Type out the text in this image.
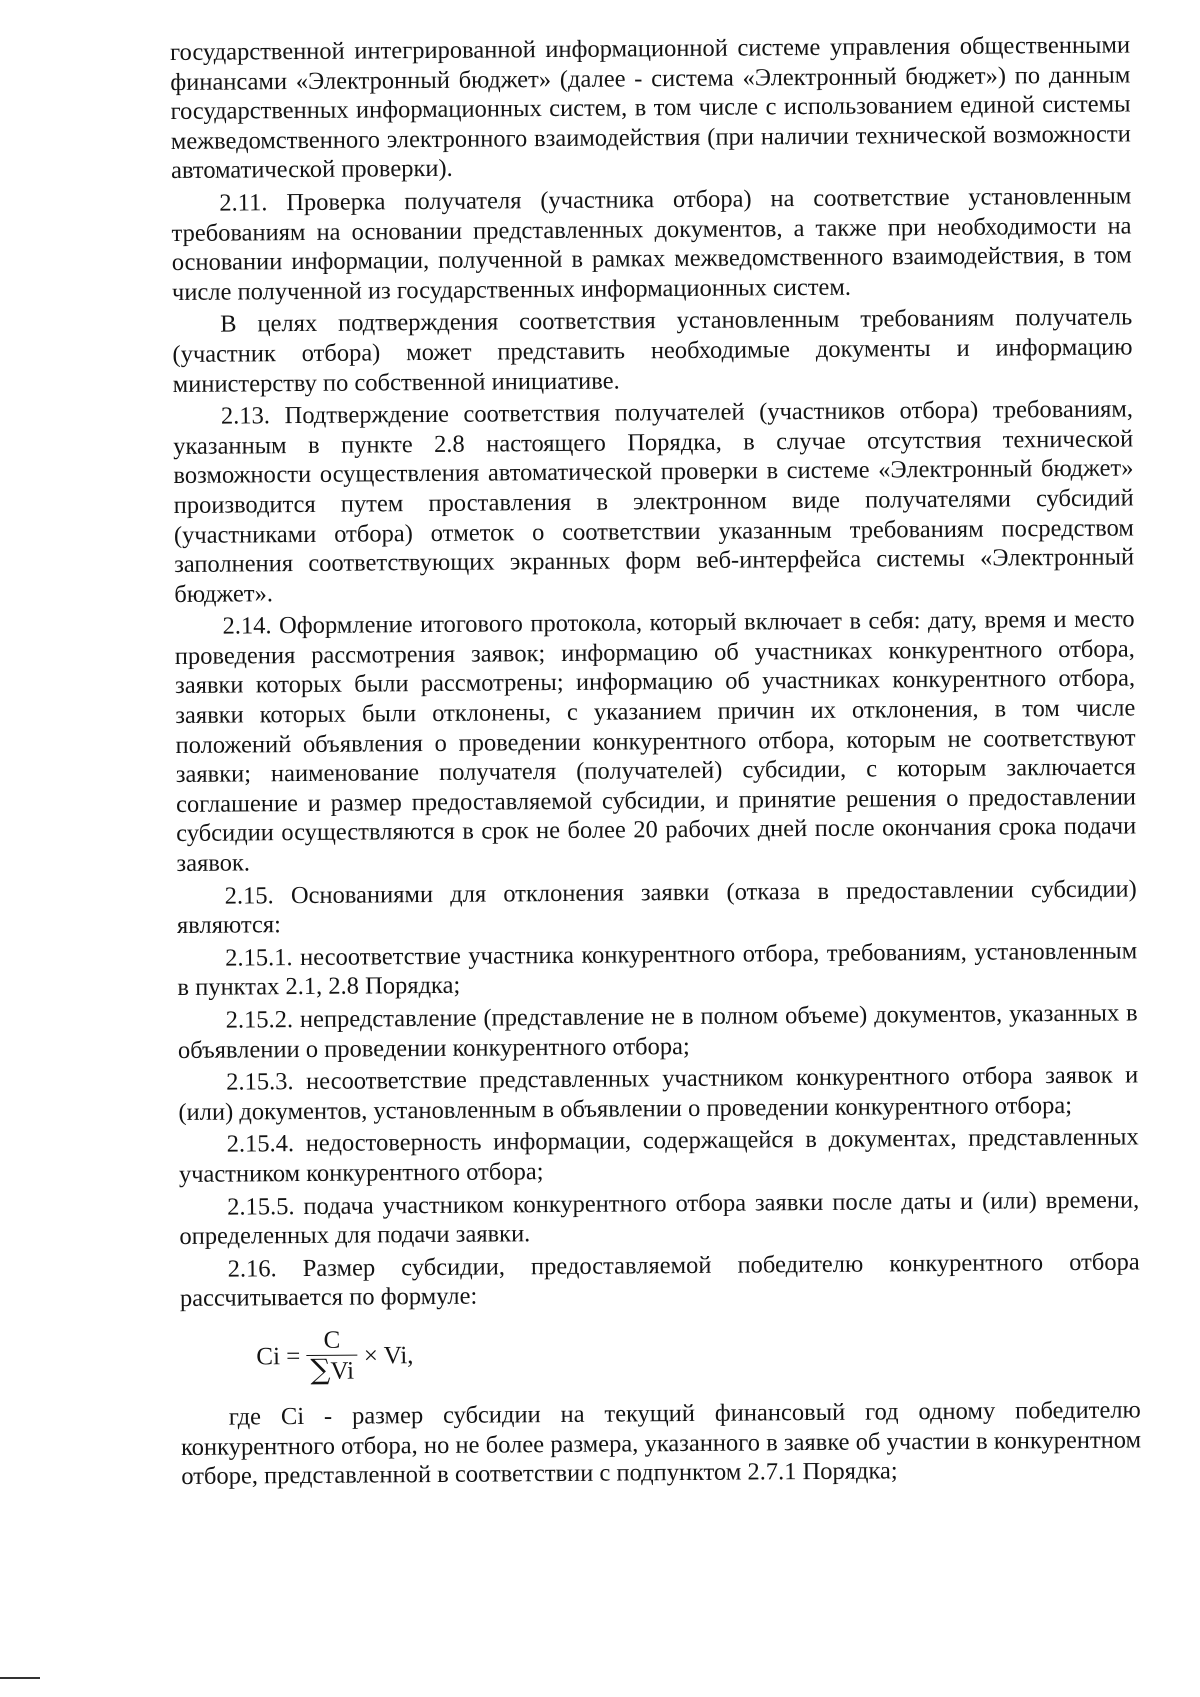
государственной интегрированной информационной системе управления общественными финансами «Электронный бюджет» (далее - система «Электронный бюджет») по данным государственных информационных систем, в том числе с использованием единой системы межведомственного электронного взаимодействия (при наличии технической возможности автоматической проверки).

2.11. Проверка получателя (участника отбора) на соответствие установленным требованиям на основании представленных документов, а также при необходимости на основании информации, полученной в рамках межведомственного взаимодействия, в том числе полученной из государственных информационных систем.

В целях подтверждения соответствия установленным требованиям получатель (участник отбора) может представить необходимые документы и информацию министерству по собственной инициативе.

2.13. Подтверждение соответствия получателей (участников отбора) требованиям, указанным в пункте 2.8 настоящего Порядка, в случае отсутствия технической возможности осуществления автоматической проверки в системе «Электронный бюджет» производится путем проставления в электронном виде получателями субсидий (участниками отбора) отметок о соответствии указанным требованиям посредством заполнения соответствующих экранных форм веб-интерфейса системы «Электронный бюджет».

2.14. Оформление итогового протокола, который включает в себя: дату, время и место проведения рассмотрения заявок; информацию об участниках конкурентного отбора, заявки которых были рассмотрены; информацию об участниках конкурентного отбора, заявки которых были отклонены, с указанием причин их отклонения, в том числе положений объявления о проведении конкурентного отбора, которым не соответствуют заявки; наименование получателя (получателей) субсидии, с которым заключается соглашение и размер предоставляемой субсидии, и принятие решения о предоставлении субсидии осуществляются в срок не более 20 рабочих дней после окончания срока подачи заявок.

2.15. Основаниями для отклонения заявки (отказа в предоставлении субсидии) являются:

2.15.1. несоответствие участника конкурентного отбора, требованиям, установленным в пунктах 2.1, 2.8 Порядка;

2.15.2. непредставление (представление не в полном объеме) документов, указанных в объявлении о проведении конкурентного отбора;

2.15.3. несоответствие представленных участником конкурентного отбора заявок и (или) документов, установленным в объявлении о проведении конкурентного отбора;

2.15.4. недостоверность информации, содержащейся в документах, представленных участником конкурентного отбора;

2.15.5. подача участником конкурентного отбора заявки после даты и (или) времени, определенных для подачи заявки.

2.16. Размер субсидии, предоставляемой победителю конкурентного отбора рассчитывается по формуле:

$Ci = \frac{C}{\sum Vi} \times Vi$,

где Ci - размер субсидии на текущий финансовый год одному победителю конкурентного отбора, но не более размера, указанного в заявке об участии в конкурентном отборе, представленной в соответствии с подпунктом 2.7.1 Порядка;
